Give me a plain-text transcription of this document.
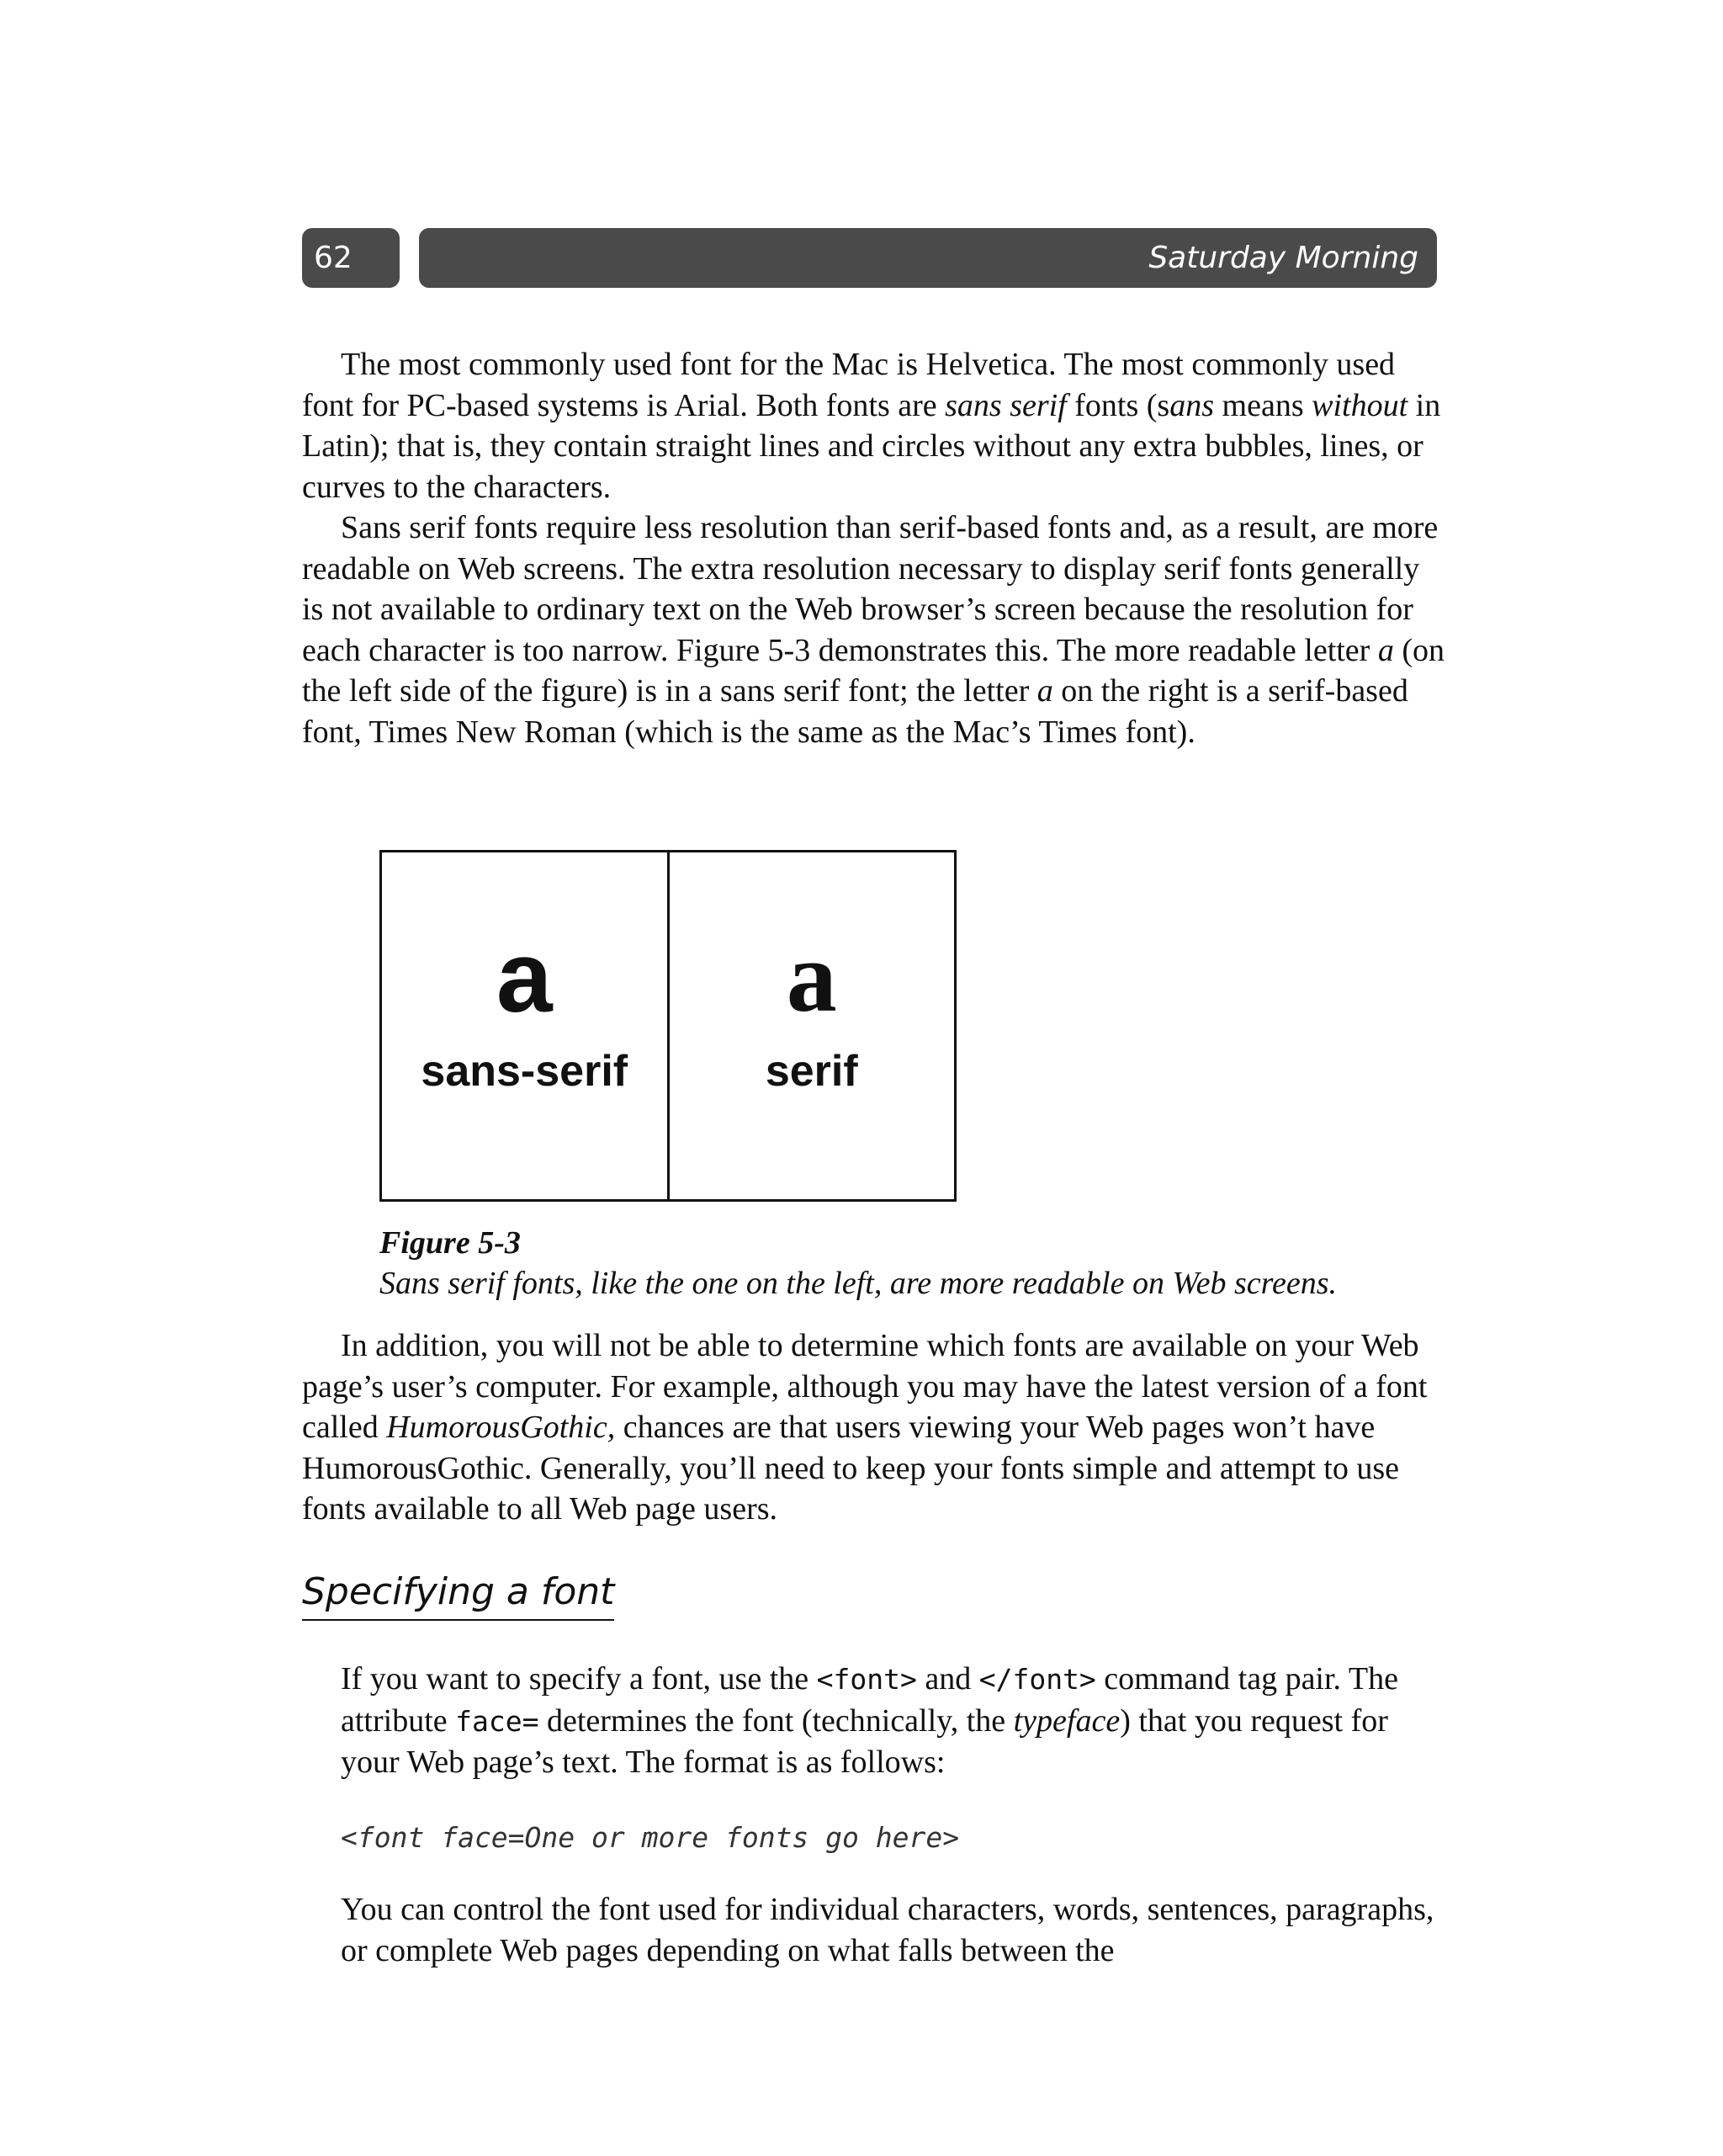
62	Saturday Morning

The most commonly used font for the Mac is Helvetica. The most commonly used font for PC-based systems is Arial. Both fonts are sans serif fonts (sans means without in Latin); that is, they contain straight lines and circles without any extra bubbles, lines, or curves to the characters.

Sans serif fonts require less resolution than serif-based fonts and, as a result, are more readable on Web screens. The extra resolution necessary to display serif fonts generally is not available to ordinary text on the Web browser’s screen because the resolution for each character is too narrow. Figure 5-3 demonstrates this. The more readable letter a (on the left side of the figure) is in a sans serif font; the letter a on the right is a serif-based font, Times New Roman (which is the same as the Mac’s Times font).

a
sans-serif
a
serif
Figure 5-3
Sans serif fonts, like the one on the left, are more readable on Web screens.

In addition, you will not be able to determine which fonts are available on your Web page’s user’s computer. For example, although you may have the latest version of a font called HumorousGothic, chances are that users viewing your Web pages won’t have HumorousGothic. Generally, you’ll need to keep your fonts simple and attempt to use fonts available to all Web page users.

Specifying a font

If you want to specify a font, use the <font> and </font> command tag pair. The attribute face= determines the font (technically, the typeface) that you request for your Web page’s text. The format is as follows:

<font face=One or more fonts go here>

You can control the font used for individual characters, words, sentences, paragraphs, or complete Web pages depending on what falls between the
